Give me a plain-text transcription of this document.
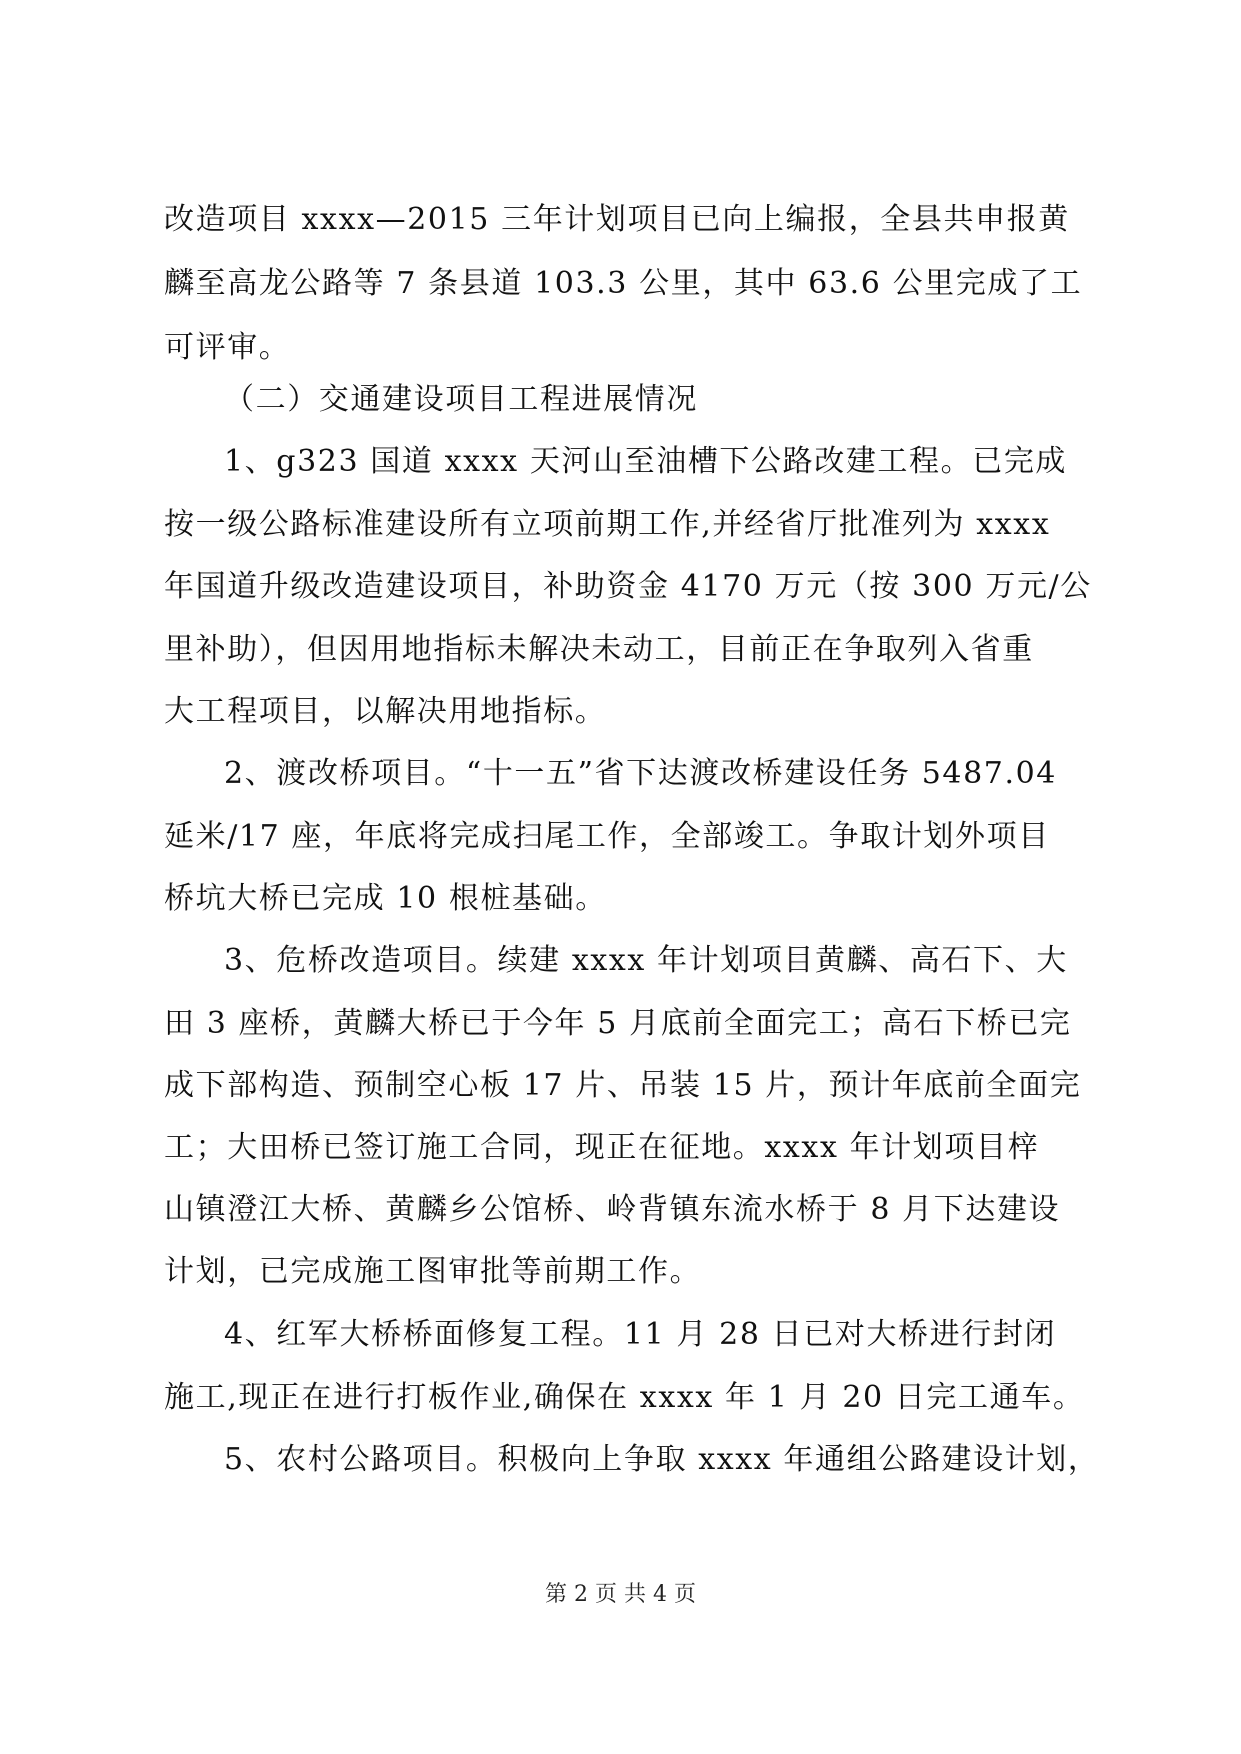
改造项目 xxxx—2015 三年计划项目已向上编报，全县共申报黄
麟至高龙公路等 7 条县道 103.3 公里，其中 63.6 公里完成了工
可评审。
（二）交通建设项目工程进展情况
1、g323 国道 xxxx 天河山至油槽下公路改建工程。已完成
按一级公路标准建设所有立项前期工作,并经省厅批准列为 xxxx
年国道升级改造建设项目，补助资金 4170 万元（按 300 万元/公
里补助），但因用地指标未解决未动工，目前正在争取列入省重
大工程项目，以解决用地指标。
2、渡改桥项目。“十一五”省下达渡改桥建设任务 5487.04
延米/17 座，年底将完成扫尾工作，全部竣工。争取计划外项目
桥坑大桥已完成 10 根桩基础。
3、危桥改造项目。续建 xxxx 年计划项目黄麟、高石下、大
田 3 座桥，黄麟大桥已于今年 5 月底前全面完工；高石下桥已完
成下部构造、预制空心板 17 片、吊装 15 片，预计年底前全面完
工；大田桥已签订施工合同，现正在征地。xxxx 年计划项目梓
山镇澄江大桥、黄麟乡公馆桥、岭背镇东流水桥于 8 月下达建设
计划，已完成施工图审批等前期工作。
4、红军大桥桥面修复工程。11 月 28 日已对大桥进行封闭
施工,现正在进行打板作业,确保在 xxxx 年 1 月 20 日完工通车。
5、农村公路项目。积极向上争取 xxxx 年通组公路建设计划，
第 2 页 共 4 页
